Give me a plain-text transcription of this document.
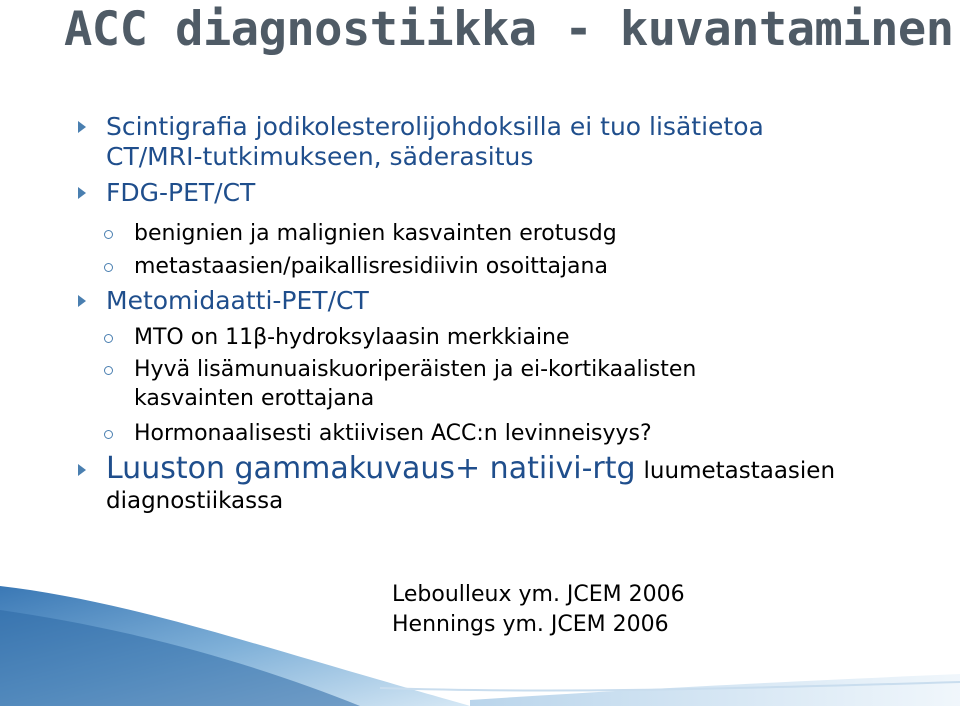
ACC diagnostiikka - kuvantaminen
Scintigrafia jodikolesterolijohdoksilla ei tuo lisätietoa
CT/MRI-tutkimukseen, säderasitus
FDG-PET/CT
benignien ja malignien kasvainten erotusdg
metastaasien/paikallisresidiivin osoittajana
Metomidaatti-PET/CT
MTO on 11β-hydroksylaasin merkkiaine
Hyvä lisämunuaiskuoriperäisten ja ei-kortikaalisten
kasvainten erottajana
Hormonaalisesti aktiivisen ACC:n levinneisyys?
Luuston gammakuvaus+ natiivi-rtg luumetastaasien
diagnostiikassa
Leboulleux ym. JCEM 2006
Hennings ym. JCEM 2006
